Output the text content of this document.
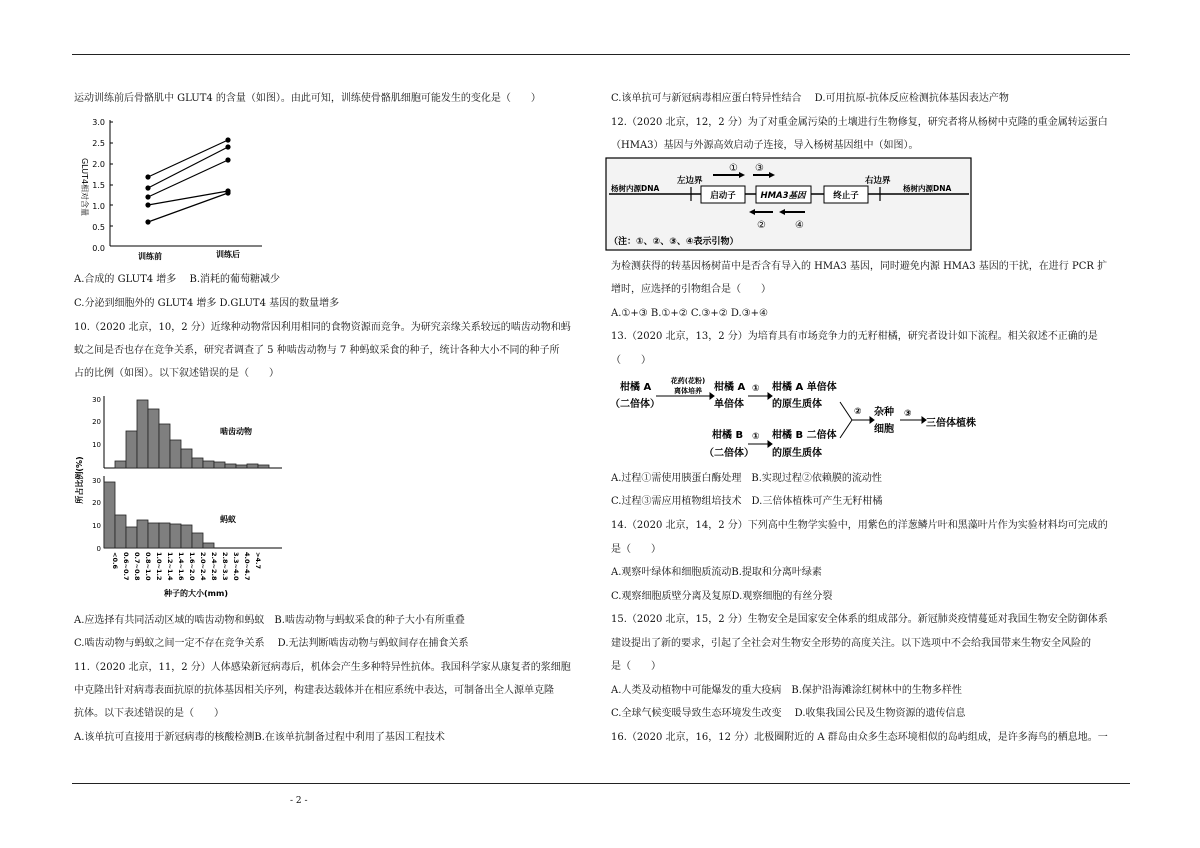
运动训练前后骨骼肌中 GLUT4 的含量（如图）。由此可知，训练使骨骼肌细胞可能发生的变化是（　　）
GLUT4相对含量
3.0
2.5
2.0
1.5
1.0
0.5
0.0
训练前	训练后
A.合成的 GLUT4 增多　 B.消耗的葡萄糖减少
C.分泌到细胞外的 GLUT4 增多 D.GLUT4 基因的数量增多
10.（2020 北京，10，2 分）近缘种动物常因利用相同的食物资源而竞争。为研究亲缘关系较远的啮齿动物和蚂
蚁之间是否也存在竞争关系，研究者调查了 5 种啮齿动物与 7 种蚂蚁采食的种子，统计各种大小不同的种子所
占的比例（如图）。以下叙述错误的是（　　）
所占比例(%)
30
20
10
啮齿动物
30
20
10
0
蚂蚁
<0.6 0.6~0.7 0.7~0.8 0.8~1.0 1.0~1.2 1.2~1.4 1.4~1.6 1.6~2.0 2.0~2.4 2.4~2.8 2.8~3.3 3.3~4.0 4.0~4.7 >4.7
种子的大小(mm)
A.应选择有共同活动区域的啮齿动物和蚂蚁　B.啮齿动物与蚂蚁采食的种子大小有所重叠
C.啮齿动物与蚂蚁之间一定不存在竞争关系　 D.无法判断啮齿动物与蚂蚁间存在捕食关系
11.（2020 北京，11，2 分）人体感染新冠病毒后，机体会产生多种特异性抗体。我国科学家从康复者的浆细胞
中克隆出针对病毒表面抗原的抗体基因相关序列，构建表达载体并在相应系统中表达，可制备出全人源单克隆
抗体。以下表述错误的是（　　）
A.该单抗可直接用于新冠病毒的核酸检测B.在该单抗制备过程中利用了基因工程技术
C.该单抗可与新冠病毒相应蛋白特异性结合　 D.可用抗原-抗体反应检测抗体基因表达产物
12.（2020 北京，12，2 分）为了对重金属污染的土壤进行生物修复，研究者将从杨树中克隆的重金属转运蛋白
（HMA3）基因与外源高效启动子连接，导入杨树基因组中（如图）。
杨树内源DNA
左边界
启动子	HMA3基因	终止子
右边界
杨树内源DNA
① ③
②	④
（注：①、②、③、④表示引物）
为检测获得的转基因杨树苗中是否含有导入的 HMA3 基因，同时避免内源 HMA3 基因的干扰，在进行 PCR 扩
增时，应选择的引物组合是（　　）
A.①+③ B.①+② C.③+② D.③+④
13.（2020 北京，13，2 分）为培育具有市场竞争力的无籽柑橘，研究者设计如下流程。相关叙述不正确的是
（　　）
柑橘 A
（二倍体）
花药(花粉)
离体培养 柑橘 A
单倍体
① 柑橘 A 单倍体
的原生质体
② 杂种
细胞
③
三倍体植株
柑橘 B
（二倍体）
① 柑橘 B 二倍体
的原生质体
A.过程①需使用胰蛋白酶处理　B.实现过程②依赖膜的流动性
C.过程③需应用植物组培技术　D.三倍体植株可产生无籽柑橘
14.（2020 北京，14，2 分）下列高中生物学实验中，用紫色的洋葱鳞片叶和黑藻叶片作为实验材料均可完成的
是（　　）
A.观察叶绿体和细胞质流动B.提取和分离叶绿素
C.观察细胞质壁分离及复原D.观察细胞的有丝分裂
15.（2020 北京，15，2 分）生物安全是国家安全体系的组成部分。新冠肺炎疫情蔓延对我国生物安全防御体系
建设提出了新的要求，引起了全社会对生物安全形势的高度关注。以下选项中不会给我国带来生物安全风险的
是（　　）
A.人类及动植物中可能爆发的重大疫病　B.保护沿海滩涂红树林中的生物多样性
C.全球气候变暖导致生态环境发生改变　 D.收集我国公民及生物资源的遗传信息
16.（2020 北京，16，12 分）北极圈附近的 A 群岛由众多生态环境相似的岛屿组成，是许多海鸟的栖息地。一
- 2 -
